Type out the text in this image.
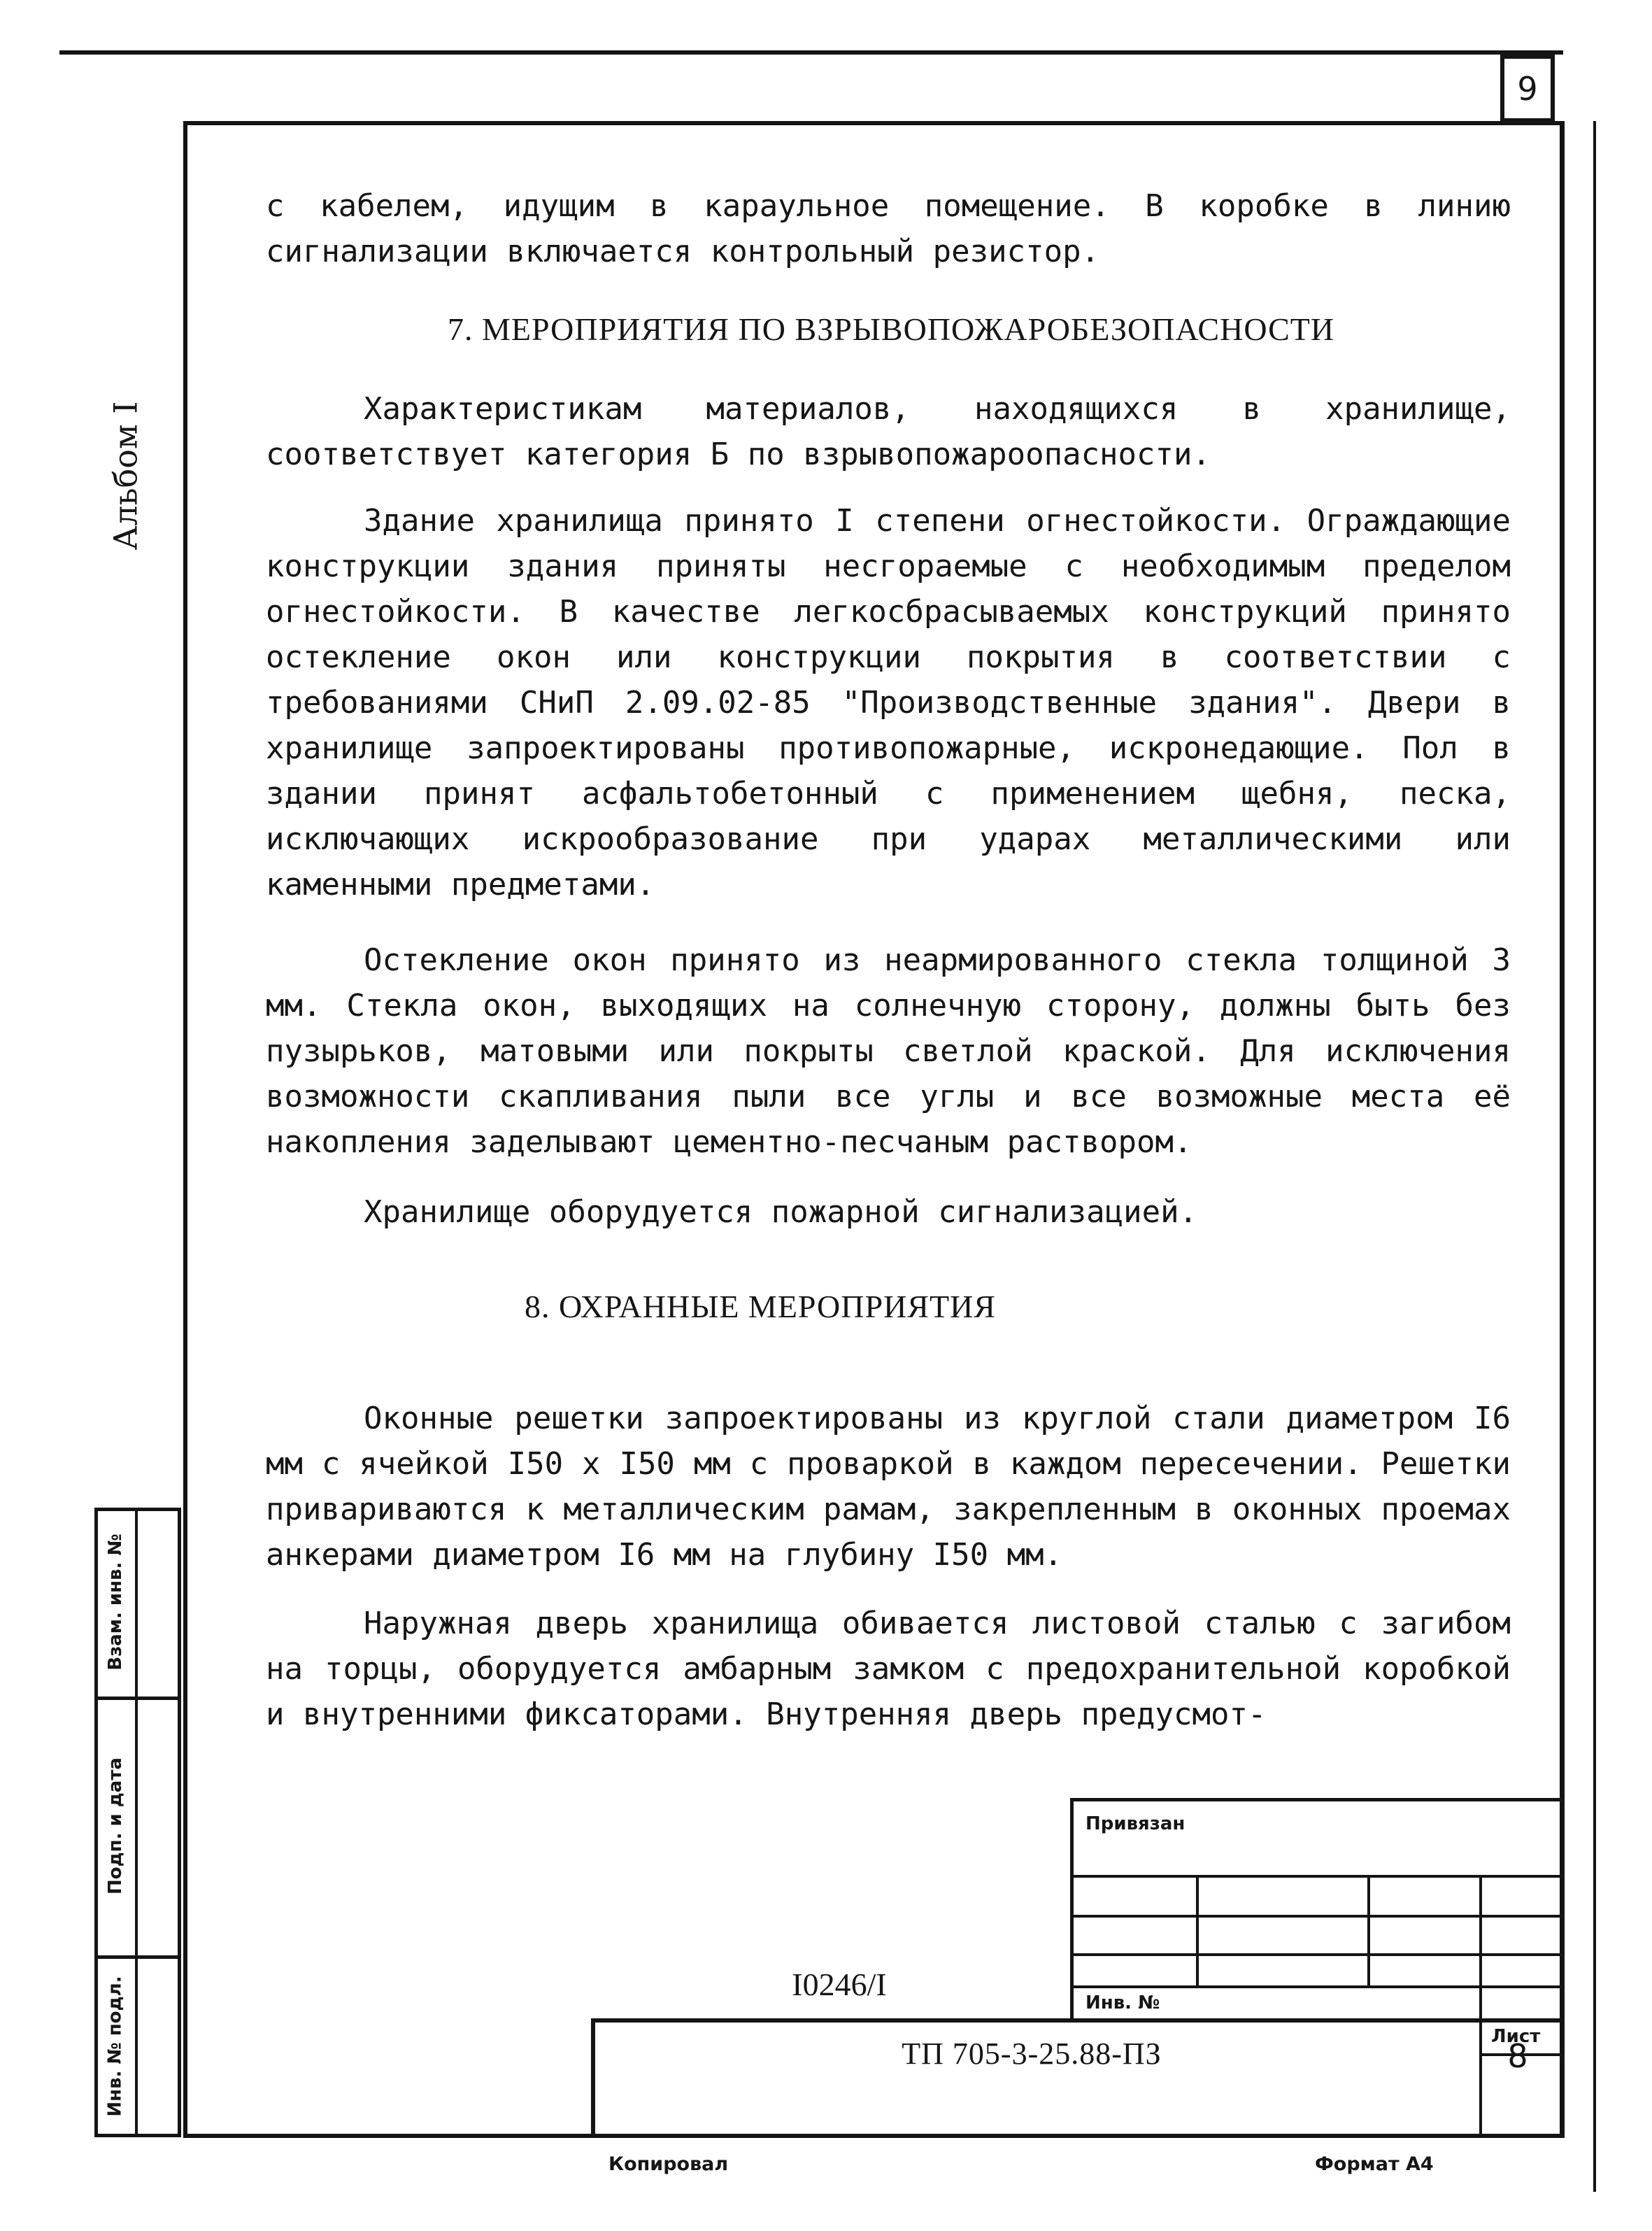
9
Альбом I

с кабелем, идущим в караульное помещение. В коробке в линию сигнализации включается контрольный резистор.

7. МЕРОПРИЯТИЯ ПО ВЗРЫВОПОЖАРОБЕЗОПАСНОСТИ

Характеристикам материалов, находящихся в хранилище, соответствует категория Б по взрывопожароопасности.

Здание хранилища принято I степени огнестойкости. Ограждающие конструкции здания приняты несгораемые с необходимым пределом огнестойкости. В качестве легкосбрасываемых конструкций принято остекление окон или конструкции покрытия в соответствии с требованиями СНиП 2.09.02-85 "Производственные здания". Двери в хранилище запроектированы противопожарные, искронедающие. Пол в здании принят асфальтобетонный с применением щебня, песка, исключающих искрообразование при ударах металлическими или каменными предметами.

Остекление окон принято из неармированного стекла толщиной 3 мм. Стекла окон, выходящих на солнечную сторону, должны быть без пузырьков, матовыми или покрыты светлой краской. Для исключения возможности скапливания пыли все углы и все возможные места её накопления заделывают цементно-песчаным раствором.

Хранилище оборудуется пожарной сигнализацией.

8. ОХРАННЫЕ МЕРОПРИЯТИЯ

Оконные решетки запроектированы из круглой стали диаметром I6 мм с ячейкой I50 x I50 мм с проваркой в каждом пересечении. Решетки привариваются к металлическим рамам, закрепленным в оконных проемах анкерами диаметром I6 мм на глубину I50 мм.

Наружная дверь хранилища обивается листовой сталью с загибом на торцы, оборудуется амбарным замком с предохранительной коробкой и внутренними фиксаторами. Внутренняя дверь предусмот-

Взам. инв. №
Подп. и дата
Инв. № подл.
Привязан
Инв. №
Лист
I0246/I
ТП 705-3-25.88-ПЗ	8
Копировал	Формат А4
